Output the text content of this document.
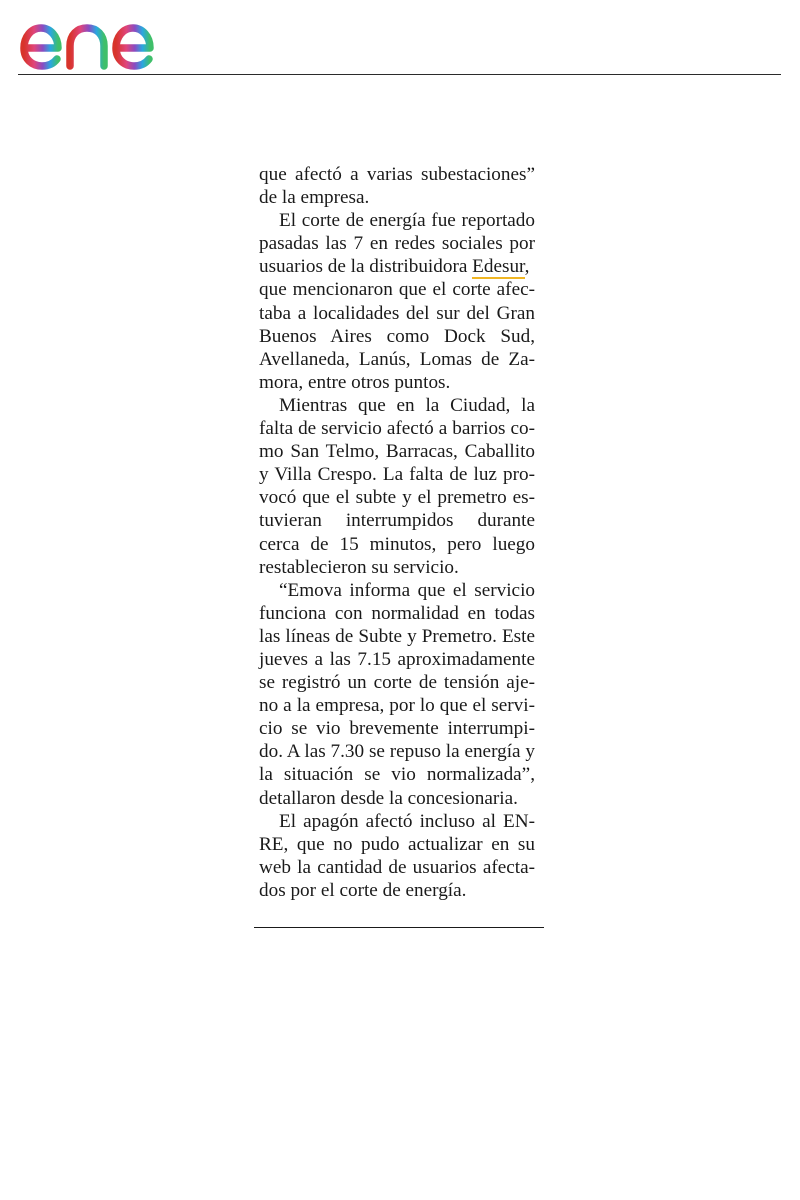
que afectó a varias subestaciones”
de la empresa.
El corte de energía fue reportado
pasadas las 7 en redes sociales por
usuarios de la distribuidora Edesur,
que mencionaron que el corte afec-
taba a localidades del sur del Gran
Buenos Aires como Dock Sud,
Avellaneda, Lanús, Lomas de Za-
mora, entre otros puntos.
Mientras que en la Ciudad, la
falta de servicio afectó a barrios co-
mo San Telmo, Barracas, Caballito
y Villa Crespo. La falta de luz pro-
vocó que el subte y el premetro es-
tuvieran interrumpidos durante
cerca de 15 minutos, pero luego
restablecieron su servicio.
“Emova informa que el servicio
funciona con normalidad en todas
las líneas de Subte y Premetro. Este
jueves a las 7.15 aproximadamente
se registró un corte de tensión aje-
no a la empresa, por lo que el servi-
cio se vio brevemente interrumpi-
do. A las 7.30 se repuso la energía y
la situación se vio normalizada”,
detallaron desde la concesionaria.
El apagón afectó incluso al EN-
RE, que no pudo actualizar en su
web la cantidad de usuarios afecta-
dos por el corte de energía.
